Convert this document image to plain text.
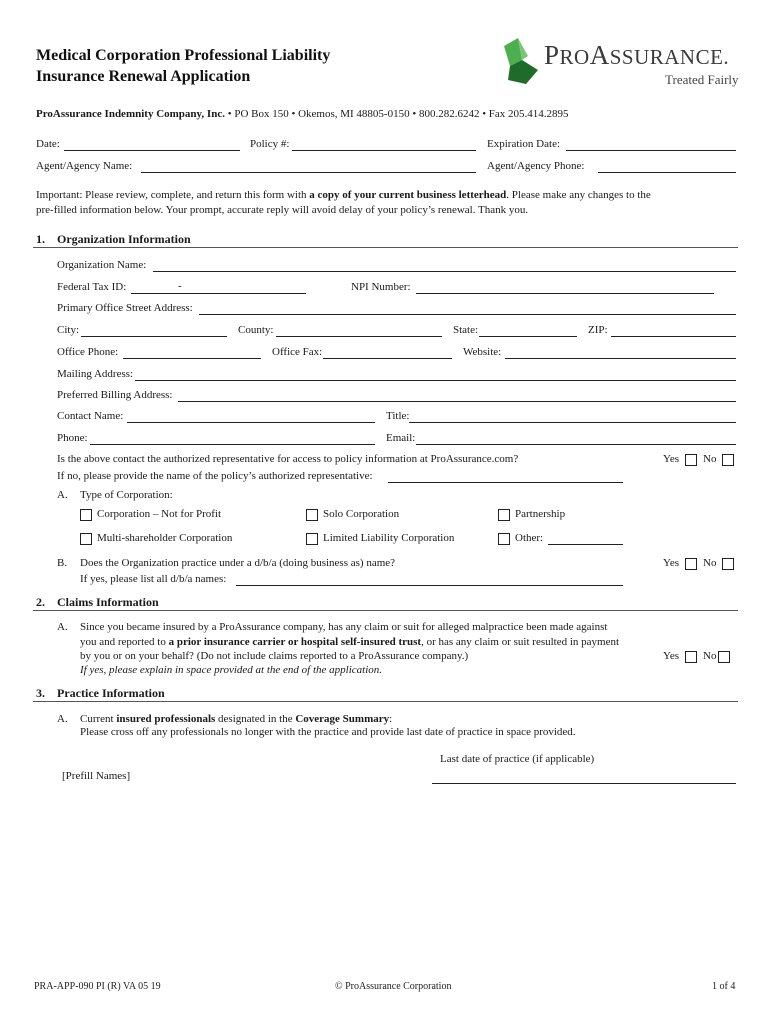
Medical Corporation Professional Liability
Insurance Renewal Application
PROASSURANCE.
Treated Fairly
ProAssurance Indemnity Company, Inc. • PO Box 150 • Okemos, MI 48805-0150 • 800.282.6242 • Fax 205.414.2895
Date:	Policy #:	Expiration Date:
Agent/Agency Name:	Agent/Agency Phone:
Important: Please review, complete, and return this form with a copy of your current business letterhead. Please make any changes to the
pre-filled information below. Your prompt, accurate reply will avoid delay of your policy’s renewal. Thank you.
1. Organization Information
Organization Name:
Federal Tax ID:	-	NPI Number:
Primary Office Street Address:
City:	County:	State:	ZIP:
Office Phone:	Office Fax:	Website:
Mailing Address:
Preferred Billing Address:
Contact Name:	Title:
Phone:	Email:
Is the above contact the authorized representative for access to policy information at ProAssurance.com?	Yes No
If no, please provide the name of the policy’s authorized representative:
A. Type of Corporation:
Corporation – Not for Profit	Solo Corporation	Partnership
Multi-shareholder Corporation	Limited Liability Corporation	Other:
B. Does the Organization practice under a d/b/a (doing business as) name?	Yes No
If yes, please list all d/b/a names:
2. Claims Information
A. Since you became insured by a ProAssurance company, has any claim or suit for alleged malpractice been made against
you and reported to a prior insurance carrier or hospital self-insured trust, or has any claim or suit resulted in payment
by you or on your behalf? (Do not include claims reported to a ProAssurance company.)
If yes, please explain in space provided at the end of the application.
Yes No
3. Practice Information
A. Current insured professionals designated in the Coverage Summary:
Please cross off any professionals no longer with the practice and provide last date of practice in space provided.
Last date of practice (if applicable)
[Prefill Names]
PRA-APP-090 PI (R) VA 05 19	© ProAssurance Corporation	1 of 4
